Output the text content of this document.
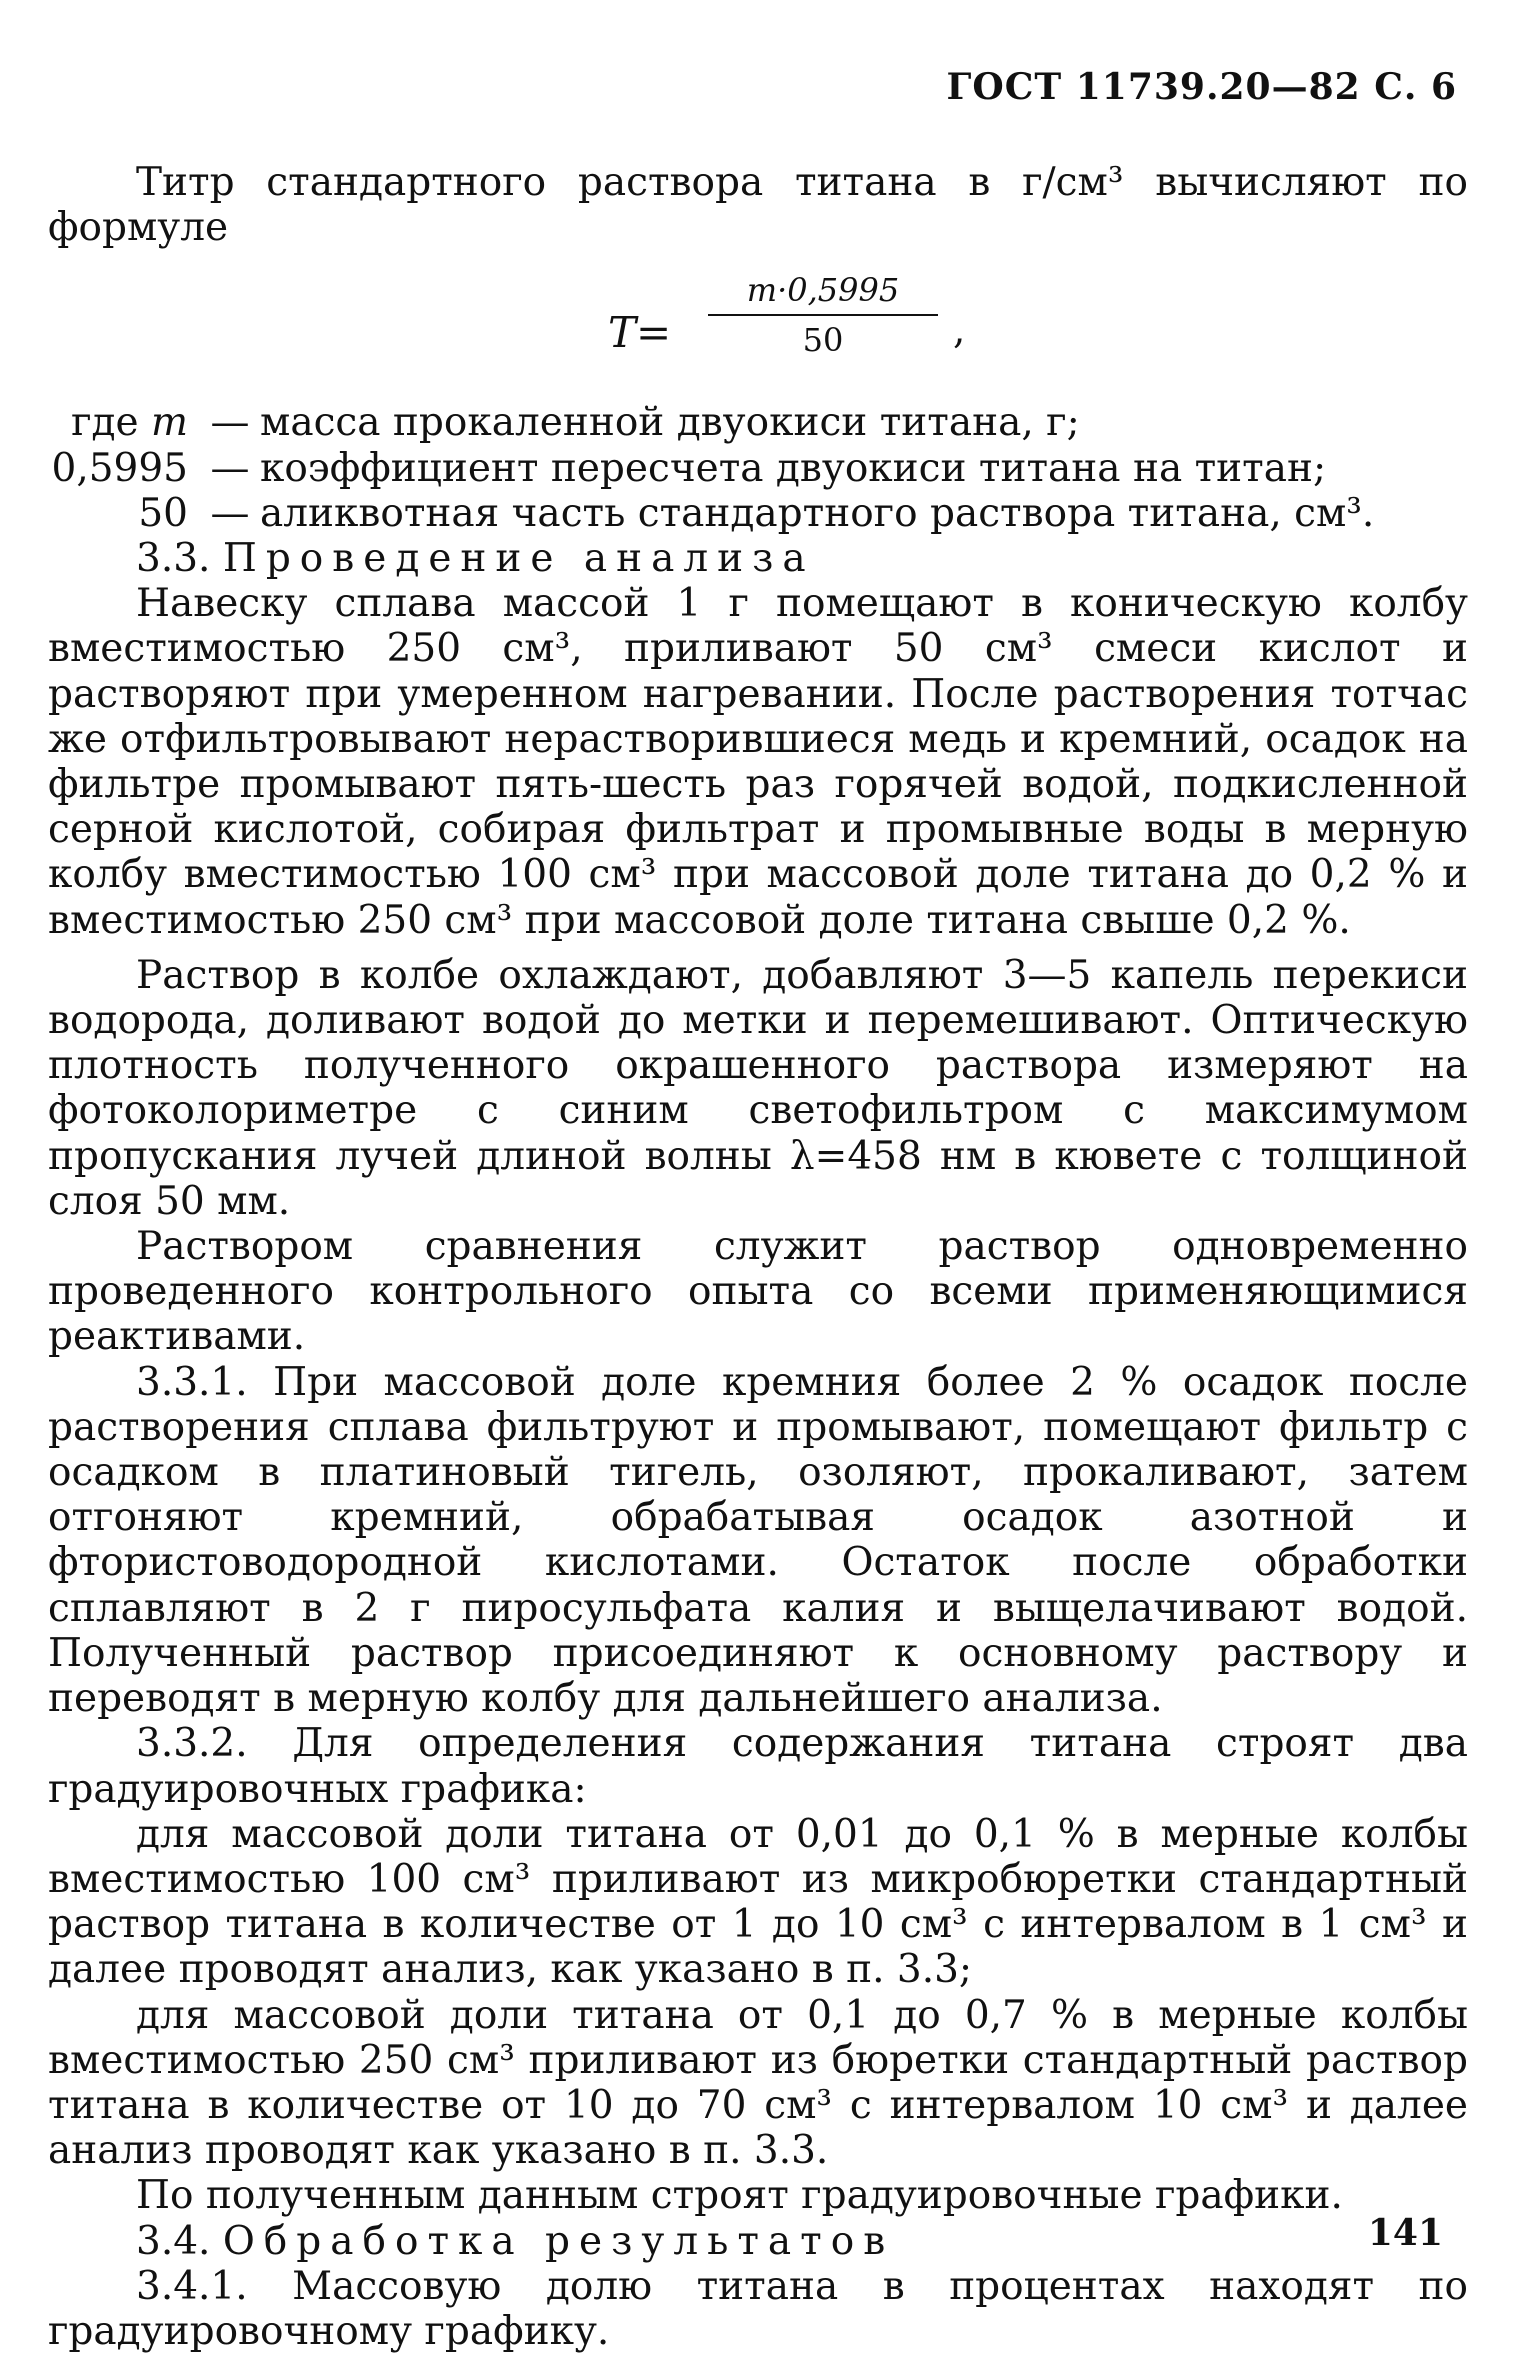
ГОСТ 11739.20—82 С. 6

Титр стандартного раствора титана в г/см³ вычисляют по формуле

T=
m·0,5995
50	,
где m	—	масса прокаленной двуокиси титана, г;
0,5995	—	коэффициент пересчета двуокиси титана на титан;
50	—	аликвотная часть стандартного раствора титана, см³.

3.3. Проведение анализа

Навеску сплава массой 1 г помещают в коническую колбу вместимостью 250 см³, приливают 50 см³ смеси кислот и растворяют при умеренном нагревании. После растворения тотчас же отфильтровывают нерастворившиеся медь и кремний, осадок на фильтре промывают пять-шесть раз горячей водой, подкисленной серной кислотой, собирая фильтрат и промывные воды в мерную колбу вместимостью 100 см³ при массовой доле титана до 0,2 % и вместимостью 250 см³ при массовой доле титана свыше 0,2 %.

Раствор в колбе охлаждают, добавляют 3—5 капель перекиси водорода, доливают водой до метки и перемешивают. Оптическую плотность полученного окрашенного раствора измеряют на фотоколориметре с синим светофильтром с максимумом пропускания лучей длиной волны λ=458 нм в кювете с толщиной слоя 50 мм.

Раствором сравнения служит раствор одновременно проведенного контрольного опыта со всеми применяющимися реактивами.

3.3.1. При массовой доле кремния более 2 % осадок после растворения сплава фильтруют и промывают, помещают фильтр с осадком в платиновый тигель, озоляют, прокаливают, затем отгоняют кремний, обрабатывая осадок азотной и фтористоводородной кислотами. Остаток после обработки сплавляют в 2 г пиросульфата калия и выщелачивают водой. Полученный раствор присоединяют к основному раствору и переводят в мерную колбу для дальнейшего анализа.

3.3.2. Для определения содержания титана строят два градуировочных графика:

для массовой доли титана от 0,01 до 0,1 % в мерные колбы вместимостью 100 см³ приливают из микробюретки стандартный раствор титана в количестве от 1 до 10 см³ с интервалом в 1 см³ и далее проводят анализ, как указано в п. 3.3;

для массовой доли титана от 0,1 до 0,7 % в мерные колбы вместимостью 250 см³ приливают из бюретки стандартный раствор титана в количестве от 10 до 70 см³ с интервалом 10 см³ и далее анализ проводят как указано в п. 3.3.

По полученным данным строят градуировочные графики.

3.4. Обработка результатов

3.4.1. Массовую долю титана в процентах находят по градуировочному графику.

141
